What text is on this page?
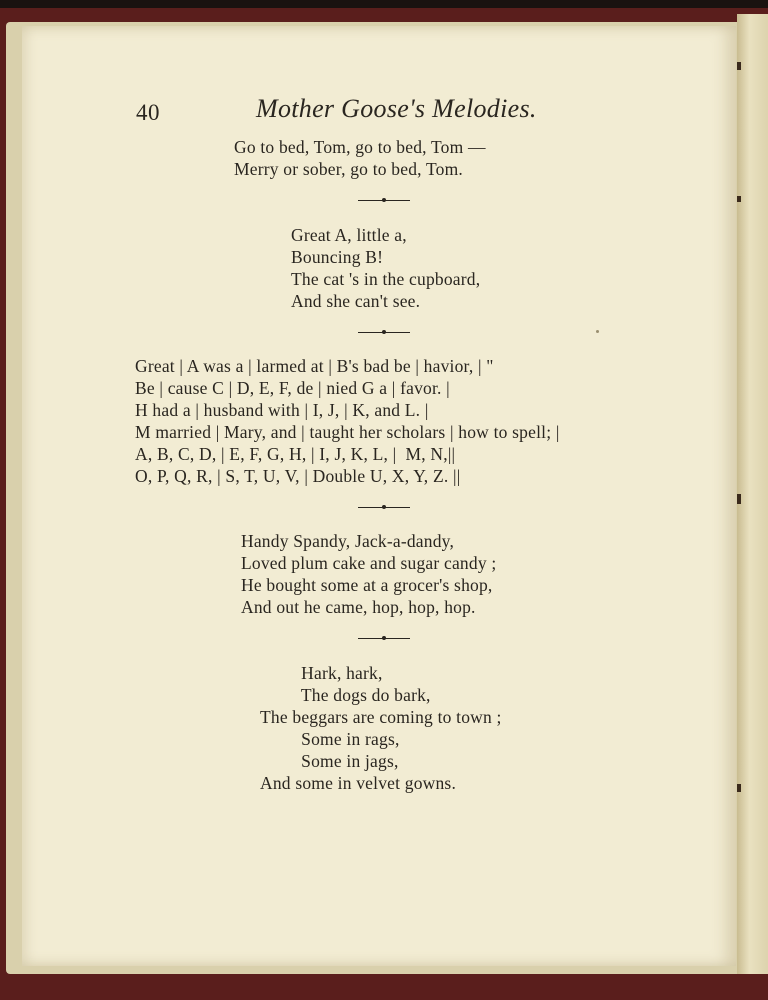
40	Mother Goose's Melodies.
Go to bed, Tom, go to bed, Tom —
Merry or sober, go to bed, Tom.
Great A, little a,
Bouncing B!
The cat 's in the cupboard,
And she can't see.
Great | A was a | larmed at | B's bad be | havior, | "
Be | cause C | D, E, F, de | nied G a | favor. |
H had a | husband with | I, J, | K, and L. |
M married | Mary, and | taught her scholars | how to spell; |
A, B, C, D, | E, F, G, H, | I, J, K, L, |  M, N,||
O, P, Q, R, | S, T, U, V, | Double U, X, Y, Z. ||
Handy Spandy, Jack-a-dandy,
Loved plum cake and sugar candy ;
He bought some at a grocer's shop,
And out he came, hop, hop, hop.
Hark, hark,
The dogs do bark,
The beggars are coming to town ;
Some in rags,
Some in jags,
And some in velvet gowns.
